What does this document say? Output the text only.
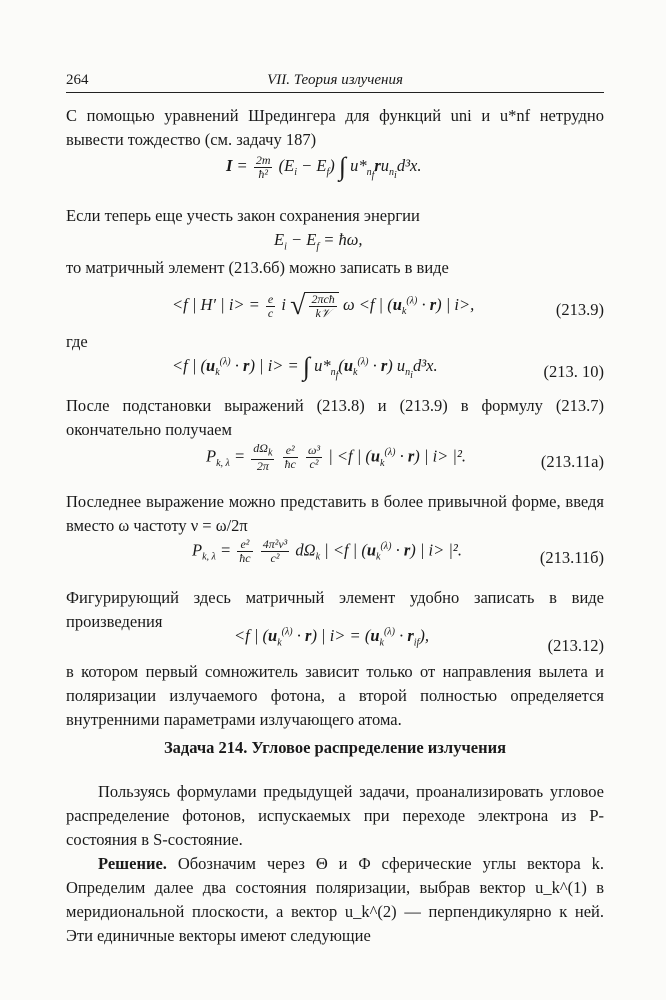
264	VII. Теория излучения
С помощью уравнений Шредингера для функций uni и u*nf нетрудно вывести тождество (см. задачу 187)
$I = \frac{2m}{\text{ħ²}} (E_i - E_f)$ ∫ $u*_{n_f}ru_{n_i}d^3x$.
Если теперь еще учесть закон сохранения энергии
$E_i - E_f$ = ħω,
то матричный элемент (213.6б) можно записать в виде
<f | H′ | $i> = \frac{e}{c}$ i √ $\frac{\text{2πcħ}}{\text{k𝒱}}$ ω <f | $(u_k^{(\lambda)} \cdot r)$ | i>,	(213.9)
где
<f | $(u_k^{(\lambda)} \cdot r)$ | i> = ∫ $u*_{n_f}(u_k^{(\lambda)} \cdot r)$ $u_{n_i}d^3x$.	(213. 10)
После подстановки выражений (213.8) и (213.9) в формулу (213.7) окончательно получаем
$P_{k, \lambda} = \frac{d\Omega_k}{2\pi}$
$\frac{\text{e²}}{ħc}$
$\frac{\text{ω³}}{\text{c²}}$ | <f | $(u_k^{(\lambda)} \cdot r)$ | i> |².	(213.11а)
Последнее выражение можно представить в более привычной форме, введя вместо ω частоту ν = ω/2π
$P_{k, \lambda} = \frac{\text{e²}}{ħc}$
$\frac{\text{4π²ν³}}{\text{c²}} d\Omega_k$ | <f | $(u_k^{(\lambda)} \cdot r)$ | i> |².	(213.11б)
Фигурирующий здесь матричный элемент удобно записать в виде произведения
<f | $(u_k^{(\lambda)} \cdot r)$ | $i> = (u_k^{(\lambda)} \cdot r_{if})$,
(213.12)
в котором первый сомножитель зависит только от направления вылета и поляризации излучаемого фотона, а второй полностью определяется внутренними параметрами излучающего атома.
Задача 214. Угловое распределение излучения
Пользуясь формулами предыдущей задачи, проанализировать угловое распределение фотонов, испускаемых при переходе электрона из P-состояния в S-состояние.
Решение. Обозначим через Θ и Φ сферические углы вектора k. Определим далее два состояния поляризации, выбрав вектор u_k^(1) в меридиональной плоскости, а вектор u_k^(2) — перпендикулярно к ней. Эти единичные векторы имеют следующие
